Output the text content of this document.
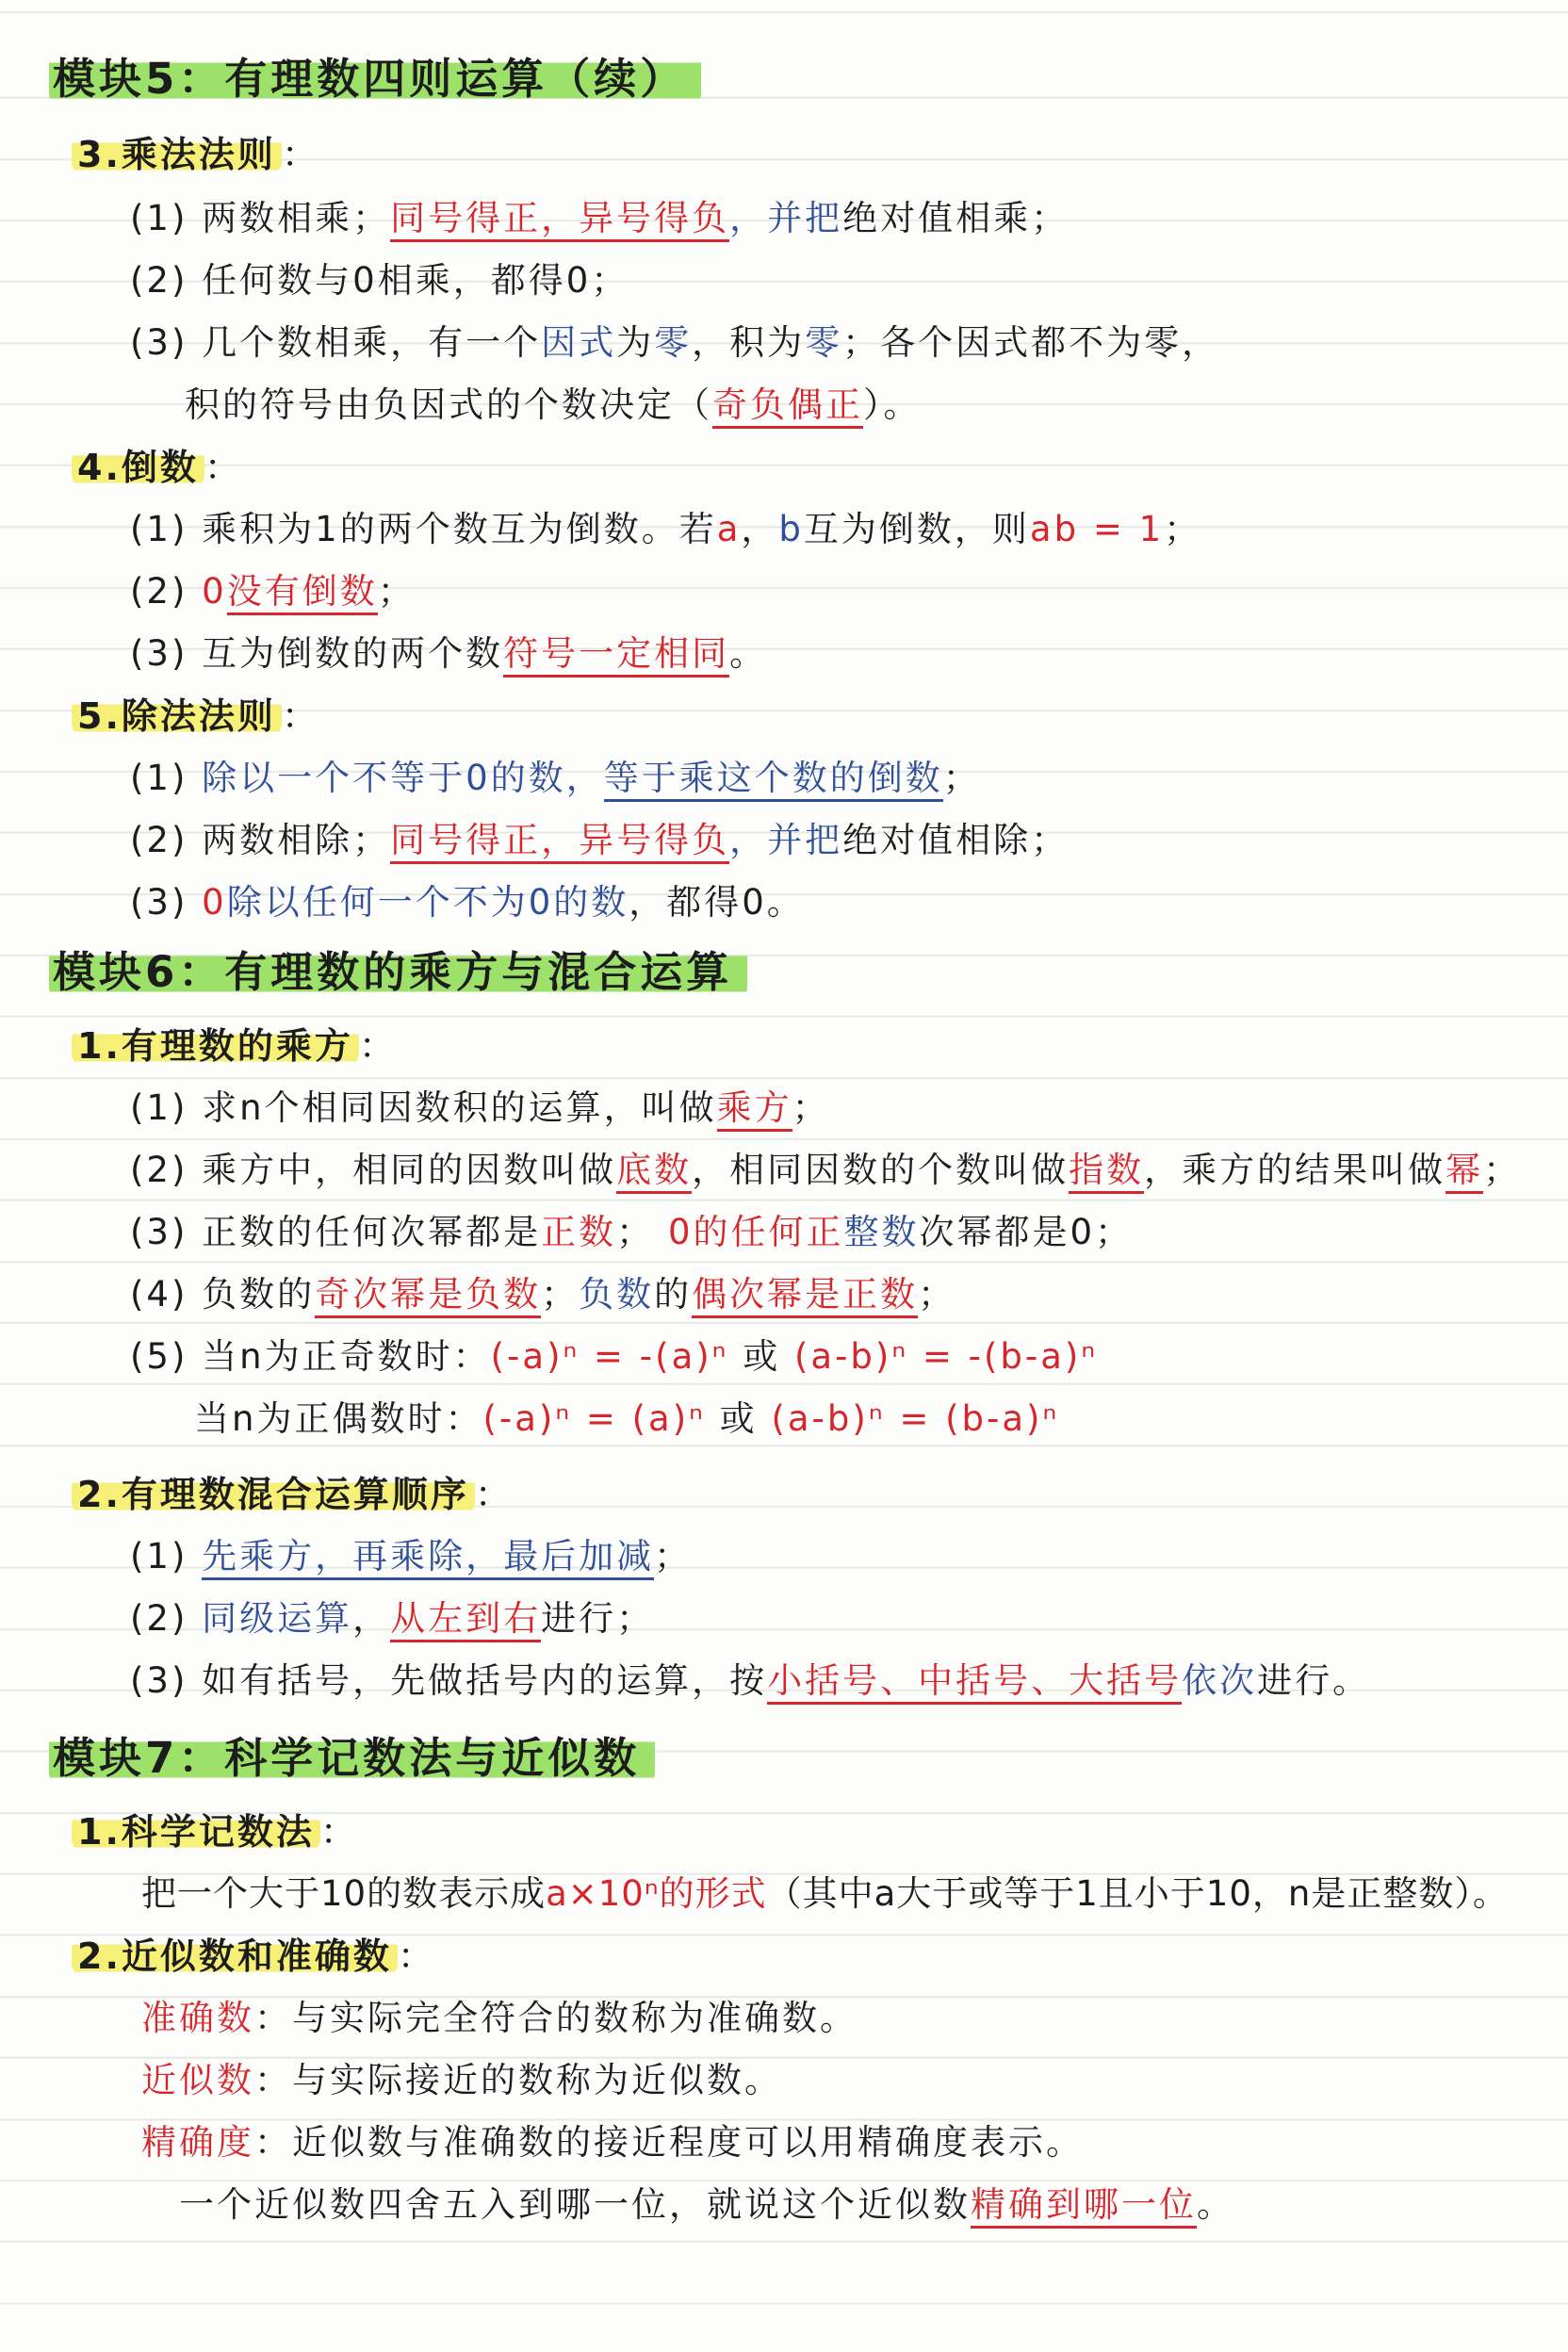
模块5：有理数四则运算（续）
3.乘法法则 ：
(1) 两数相乘；同号得正，异号得负，并把绝对值相乘；
(2) 任何数与0相乘，都得0；
(3) 几个数相乘，有一个因式为零，积为零；各个因式都不为零，
积的符号由负因式的个数决定（奇负偶正）。
4.倒数 ：
(1) 乘积为1的两个数互为倒数。若a，b互为倒数，则ab = 1；
(2) 0没有倒数；
(3) 互为倒数的两个数符号一定相同。
5.除法法则 ：
(1) 除以一个不等于0的数，等于乘这个数的倒数；
(2) 两数相除；同号得正，异号得负，并把绝对值相除；
(3) 0除以任何一个不为0的数，都得0。
模块6：有理数的乘方与混合运算
1.有理数的乘方 ：
(1) 求n个相同因数积的运算，叫做乘方；
(2) 乘方中，相同的因数叫做底数，相同因数的个数叫做指数，乘方的结果叫做幂；
(3) 正数的任何次幂都是正数； 0的任何正整数次幂都是0；
(4) 负数的奇次幂是负数；负数的偶次幂是正数；
(5) 当n为正奇数时：(-a)ⁿ = -(a)ⁿ 或 (a-b)ⁿ = -(b-a)ⁿ
当n为正偶数时：(-a)ⁿ = (a)ⁿ 或 (a-b)ⁿ = (b-a)ⁿ
2.有理数混合运算顺序 ：
(1) 先乘方，再乘除，最后加减；
(2) 同级运算，从左到右进行；
(3) 如有括号，先做括号内的运算，按小括号、中括号、大括号依次进行。
模块7：科学记数法与近似数
1.科学记数法 ：
把一个大于10的数表示成a×10ⁿ的形式（其中a大于或等于1且小于10，n是正整数）。
2.近似数和准确数 ：
准确数：与实际完全符合的数称为准确数。
近似数：与实际接近的数称为近似数。
精确度：近似数与准确数的接近程度可以用精确度表示。
一个近似数四舍五入到哪一位，就说这个近似数精确到哪一位。
